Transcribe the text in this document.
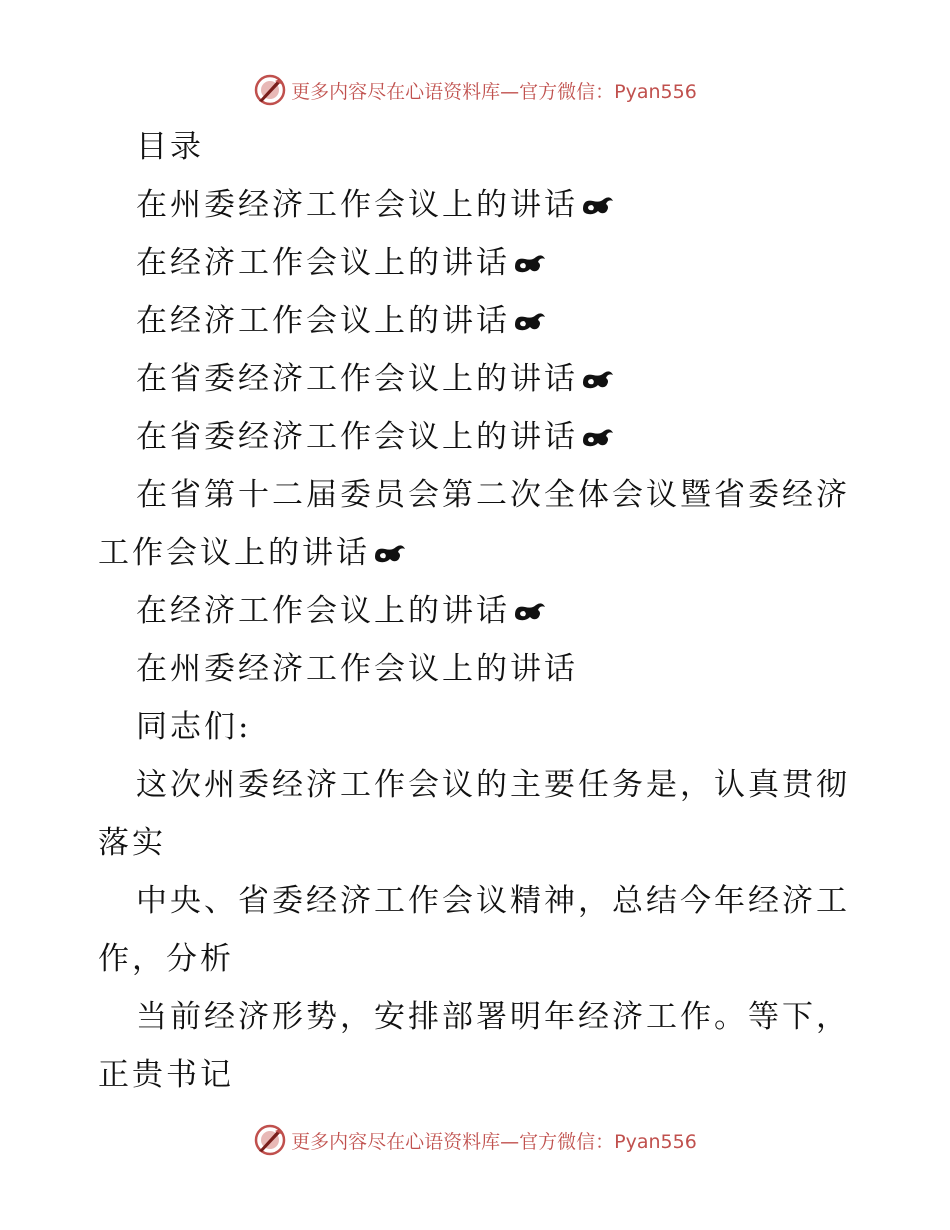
更多内容尽在心语资料库—官方微信：Pyan556
目录
在州委经济工作会议上的讲话
在经济工作会议上的讲话
在经济工作会议上的讲话
在省委经济工作会议上的讲话
在省委经济工作会议上的讲话
在省第十二届委员会第二次全体会议暨省委经济
工作会议上的讲话
在经济工作会议上的讲话
在州委经济工作会议上的讲话
同志们:
这次州委经济工作会议的主要任务是，认真贯彻
落实
中央、省委经济工作会议精神，总结今年经济工
作，分析
当前经济形势，安排部署明年经济工作。等下，
正贵书记
更多内容尽在心语资料库—官方微信：Pyan556
